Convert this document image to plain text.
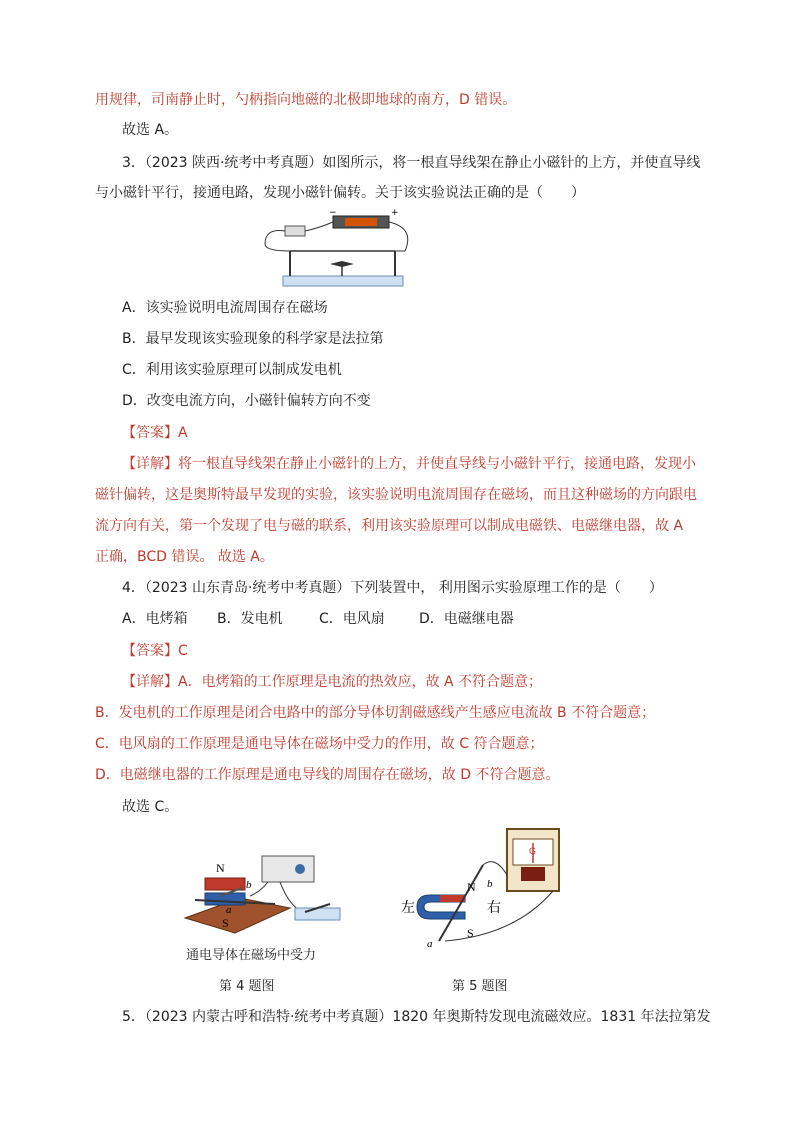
用规律，司南静止时，勺柄指向地磁的北极即地球的南方，D 错误。
故选 A。
3．（2023 陕西·统考中考真题）如图所示，将一根直导线架在静止小磁针的上方，并使直导线
与小磁针平行，接通电路，发现小磁针偏转。关于该实验说法正确的是（　　）
−	+
A．该实验说明电流周围存在磁场
B．最早发现该实验现象的科学家是法拉第
C．利用该实验原理可以制成发电机
D．改变电流方向，小磁针偏转方向不变
【答案】A
【详解】将一根直导线架在静止小磁针的上方，并使直导线与小磁针平行，接通电路，发现小
磁针偏转，这是奥斯特最早发现的实验，该实验说明电流周围存在磁场，而且这种磁场的方向跟电
流方向有关，第一个发现了电与磁的联系，利用该实验原理可以制成电磁铁、电磁继电器，故 A
正确，BCD 错误。 故选 A。
4．（2023 山东青岛·统考中考真题）下列装置中， 利用图示实验原理工作的是（　　）
A．电烤箱 B．发电机	C．电风扇 D．电磁继电器
【答案】C
【详解】A．电烤箱的工作原理是电流的热效应，故 A 不符合题意；
B．发电机的工作原理是闭合电路中的部分导体切割磁感线产生感应电流故 B 不符合题意；
C．电风扇的工作原理是通电导体在磁场中受力的作用，故 C 符合题意；
D．电磁继电器的工作原理是通电导线的周围存在磁场，故 D 不符合题意。
故选 C。
N
S
b
a
通电导体在磁场中受力
第 4 题图
G
左	右
N
S
b
a
第 5 题图
5．（2023 内蒙古呼和浩特·统考中考真题）1820 年奥斯特发现电流磁效应。1831 年法拉第发
